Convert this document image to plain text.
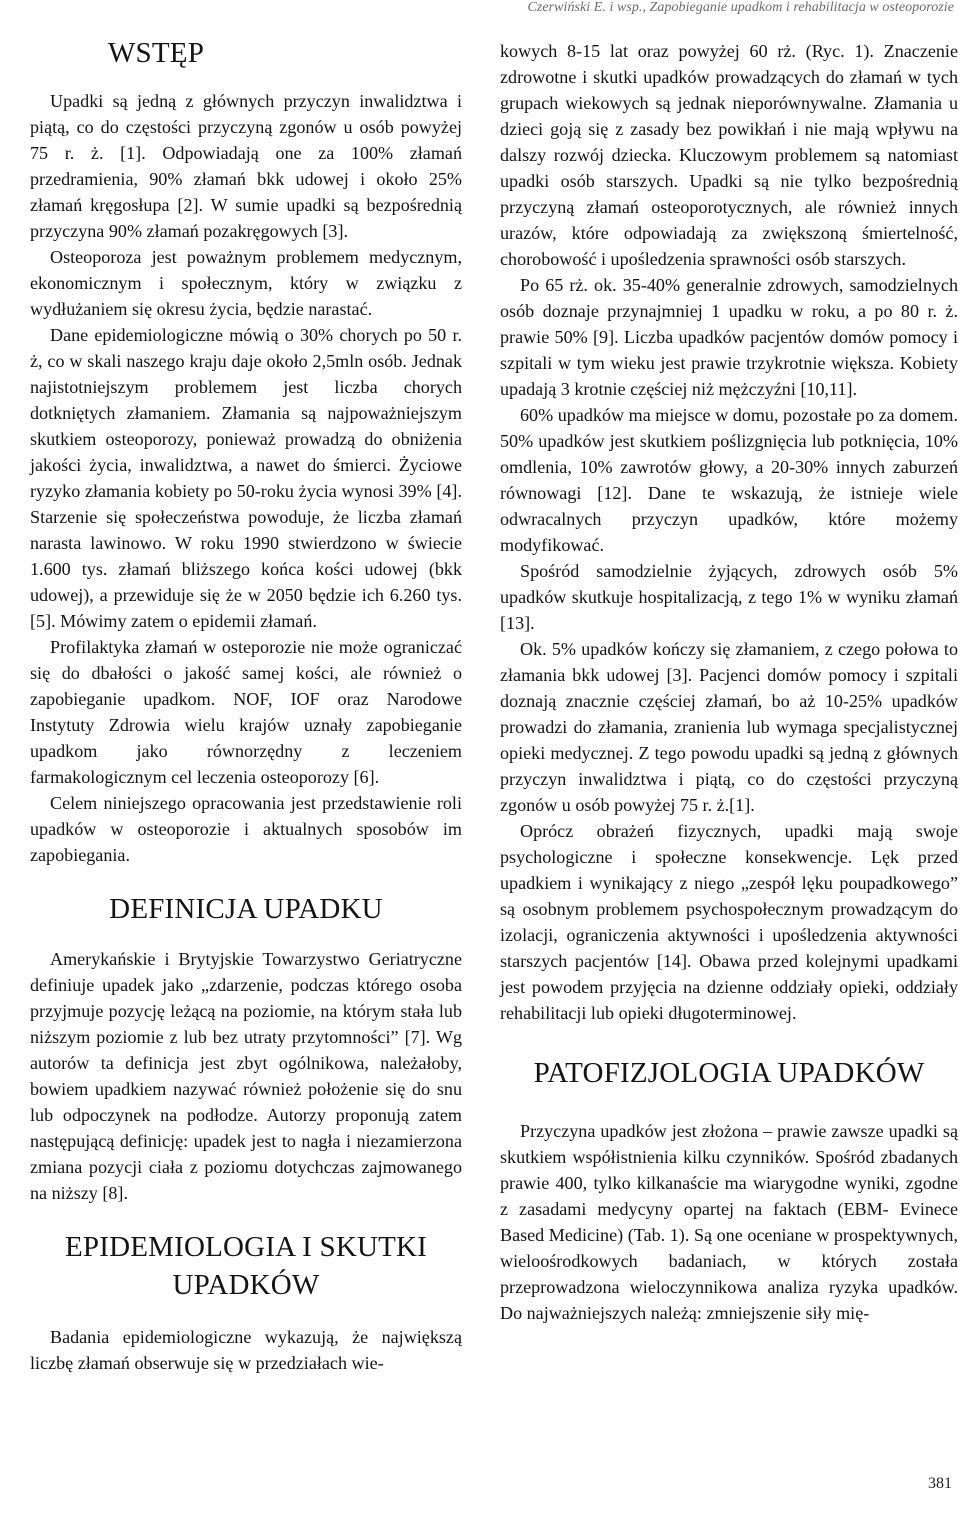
Czerwiński E. i wsp., Zapobieganie upadkom i rehabilitacja w osteoporozie
WSTĘP

Upadki są jedną z głównych przyczyn inwalidztwa i piątą, co do częstości przyczyną zgonów u osób powyżej 75 r. ż. [1]. Odpowiadają one za 100% złamań przedramienia, 90% złamań bkk udowej i około 25% złamań kręgosłupa [2]. W sumie upadki są bezpośrednią przyczyna 90% złamań pozakręgowych [3].

Osteoporoza jest poważnym problemem medycznym, ekonomicznym i społecznym, który w związku z wydłużaniem się okresu życia, będzie narastać.

Dane epidemiologiczne mówią o 30% chorych po 50 r. ż, co w skali naszego kraju daje około 2,5mln osób. Jednak najistotniejszym problemem jest liczba chorych dotkniętych złamaniem. Złamania są najpoważniejszym skutkiem osteoporozy, ponieważ prowadzą do obniżenia jakości życia, inwalidztwa, a nawet do śmierci. Życiowe ryzyko złamania kobiety po 50-roku życia wynosi 39% [4]. Starzenie się społeczeństwa powoduje, że liczba złamań narasta lawinowo. W roku 1990 stwierdzono w świecie 1.600 tys. złamań bliższego końca kości udowej (bkk udowej), a przewiduje się że w 2050 będzie ich 6.260 tys. [5]. Mówimy zatem o epidemii złamań.

Profilaktyka złamań w osteporozie nie może ograniczać się do dbałości o jakość samej kości, ale również o zapobieganie upadkom. NOF, IOF oraz Narodowe Instytuty Zdrowia wielu krajów uznały zapobieganie upadkom jako równorzędny z leczeniem farmakologicznym cel leczenia osteoporozy [6].

Celem niniejszego opracowania jest przedstawienie roli upadków w osteoporozie i aktualnych sposobów im zapobiegania.

DEFINICJA UPADKU

Amerykańskie i Brytyjskie Towarzystwo Geriatryczne definiuje upadek jako „zdarzenie, podczas którego osoba przyjmuje pozycję leżącą na poziomie, na którym stała lub niższym poziomie z lub bez utraty przytomności” [7]. Wg autorów ta definicja jest zbyt ogólnikowa, należałoby, bowiem upadkiem nazywać również położenie się do snu lub odpoczynek na podłodze. Autorzy proponują zatem następującą definicję: upadek jest to nagła i niezamierzona zmiana pozycji ciała z poziomu dotychczas zajmowanego na niższy [8].

EPIDEMIOLOGIA I SKUTKI
UPADKÓW

Badania epidemiologiczne wykazują, że największą liczbę złamań obserwuje się w przedziałach wie-

kowych 8-15 lat oraz powyżej 60 rż. (Ryc. 1). Znaczenie zdrowotne i skutki upadków prowadzących do złamań w tych grupach wiekowych są jednak nieporównywalne. Złamania u dzieci goją się z zasady bez powikłań i nie mają wpływu na dalszy rozwój dziecka. Kluczowym problemem są natomiast upadki osób starszych. Upadki są nie tylko bezpośrednią przyczyną złamań osteoporotycznych, ale również innych urazów, które odpowiadają za zwiększoną śmiertelność, chorobowość i upośledzenia sprawności osób starszych.

Po 65 rż. ok. 35-40% generalnie zdrowych, samodzielnych osób doznaje przynajmniej 1 upadku w roku, a po 80 r. ż. prawie 50% [9]. Liczba upadków pacjentów domów pomocy i szpitali w tym wieku jest prawie trzykrotnie większa. Kobiety upadają 3 krotnie częściej niż mężczyźni [10,11].

60% upadków ma miejsce w domu, pozostałe po za domem. 50% upadków jest skutkiem poślizgnięcia lub potknięcia, 10% omdlenia, 10% zawrotów głowy, a 20-30% innych zaburzeń równowagi [12]. Dane te wskazują, że istnieje wiele odwracalnych przyczyn upadków, które możemy modyfikować.

Spośród samodzielnie żyjących, zdrowych osób 5% upadków skutkuje hospitalizacją, z tego 1% w wyniku złamań [13].

Ok. 5% upadków kończy się złamaniem, z czego połowa to złamania bkk udowej [3]. Pacjenci domów pomocy i szpitali doznają znacznie częściej złamań, bo aż 10-25% upadków prowadzi do złamania, zranienia lub wymaga specjalistycznej opieki medycznej. Z tego powodu upadki są jedną z głównych przyczyn inwalidztwa i piątą, co do częstości przyczyną zgonów u osób powyżej 75 r. ż.[1].

Oprócz obrażeń fizycznych, upadki mają swoje psychologiczne i społeczne konsekwencje. Lęk przed upadkiem i wynikający z niego „zespół lęku poupadkowego” są osobnym problemem psychospołecznym prowadzącym do izolacji, ograniczenia aktywności i upośledzenia aktywności starszych pacjentów [14]. Obawa przed kolejnymi upadkami jest powodem przyjęcia na dzienne oddziały opieki, oddziały rehabilitacji lub opieki długoterminowej.

PATOFIZJOLOGIA UPADKÓW

Przyczyna upadków jest złożona – prawie zawsze upadki są skutkiem współistnienia kilku czynników. Spośród zbadanych prawie 400, tylko kilkanaście ma wiarygodne wyniki, zgodne z zasadami medycyny opartej na faktach (EBM- Evinece Based Medicine) (Tab. 1). Są one oceniane w prospektywnych, wieloośrodkowych badaniach, w których została przeprowadzona wieloczynnikowa analiza ryzyka upadków. Do najważniejszych należą: zmniejszenie siły mię-

381
